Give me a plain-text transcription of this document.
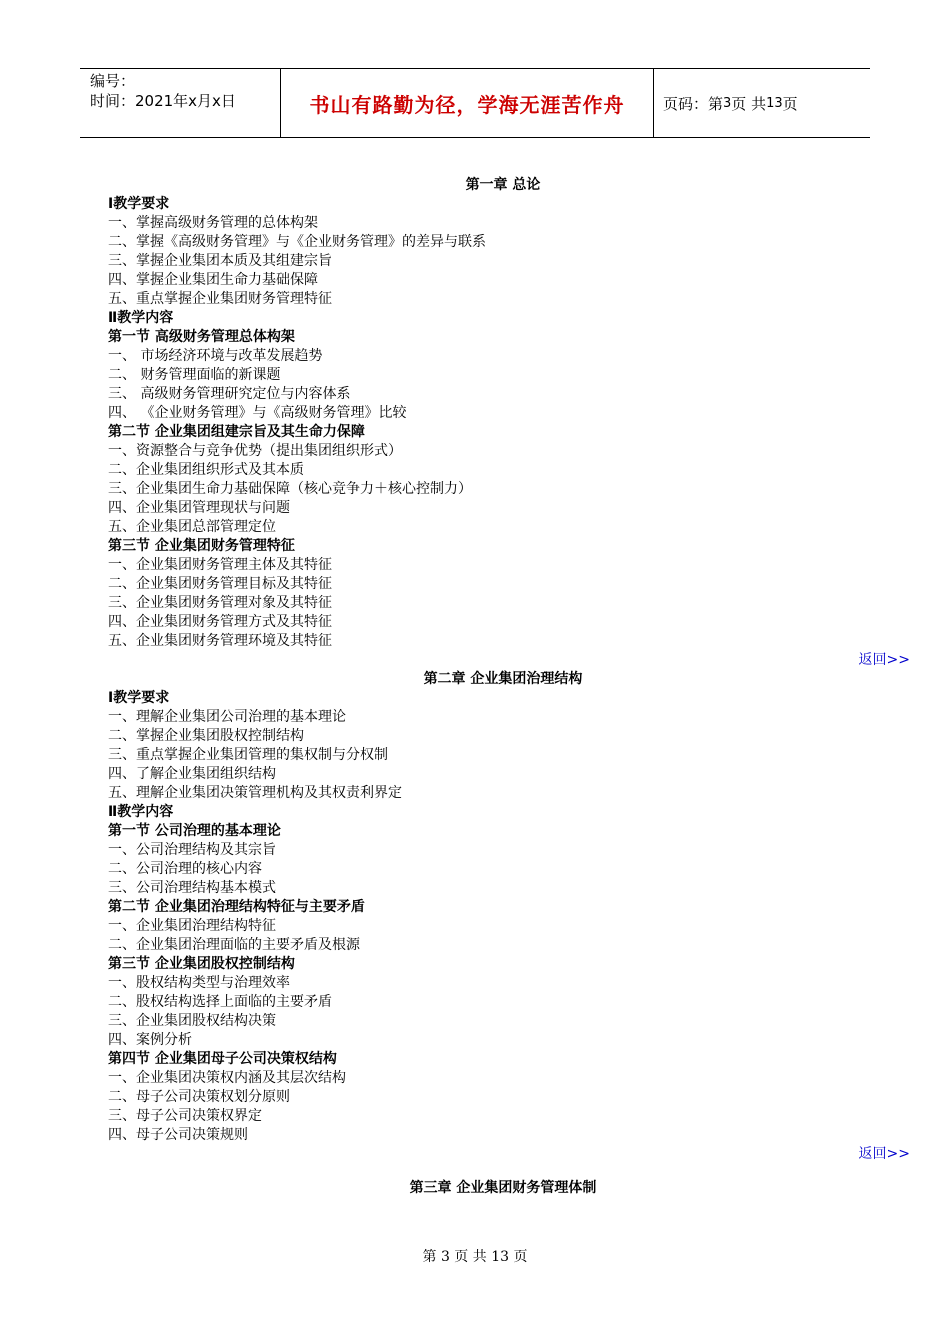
编号：
时间：2021年x月x日	书山有路勤为径，学海无涯苦作舟	页码：第 3 页 共 13 页
第一章 总论
Ⅰ教学要求
一、掌握高级财务管理的总体构架
二、掌握《高级财务管理》与《企业财务管理》的差异与联系
三、掌握企业集团本质及其组建宗旨
四、掌握企业集团生命力基础保障
五、重点掌握企业集团财务管理特征
Ⅱ教学内容
第一节 高级财务管理总体构架
一、 市场经济环境与改革发展趋势
二、 财务管理面临的新课题
三、 高级财务管理研究定位与内容体系
四、 《企业财务管理》与《高级财务管理》比较
第二节 企业集团组建宗旨及其生命力保障
一、资源整合与竞争优势（提出集团组织形式）
二、企业集团组织形式及其本质
三、企业集团生命力基础保障（核心竞争力＋核心控制力）
四、企业集团管理现状与问题
五、企业集团总部管理定位
第三节 企业集团财务管理特征
一、企业集团财务管理主体及其特征
二、企业集团财务管理目标及其特征
三、企业集团财务管理对象及其特征
四、企业集团财务管理方式及其特征
五、企业集团财务管理环境及其特征
返回>>
第二章 企业集团治理结构
Ⅰ教学要求
一、理解企业集团公司治理的基本理论
二、掌握企业集团股权控制结构
三、重点掌握企业集团管理的集权制与分权制
四、了解企业集团组织结构
五、理解企业集团决策管理机构及其权责利界定
Ⅱ教学内容
第一节 公司治理的基本理论
一、公司治理结构及其宗旨
二、公司治理的核心内容
三、公司治理结构基本模式
第二节 企业集团治理结构特征与主要矛盾
一、企业集团治理结构特征
二、企业集团治理面临的主要矛盾及根源
第三节 企业集团股权控制结构
一、股权结构类型与治理效率
二、股权结构选择上面临的主要矛盾
三、企业集团股权结构决策
四、案例分析
第四节 企业集团母子公司决策权结构
一、企业集团决策权内涵及其层次结构
二、母子公司决策权划分原则
三、母子公司决策权界定
四、母子公司决策规则
返回>>
第三章 企业集团财务管理体制
第 3 页 共 13 页
